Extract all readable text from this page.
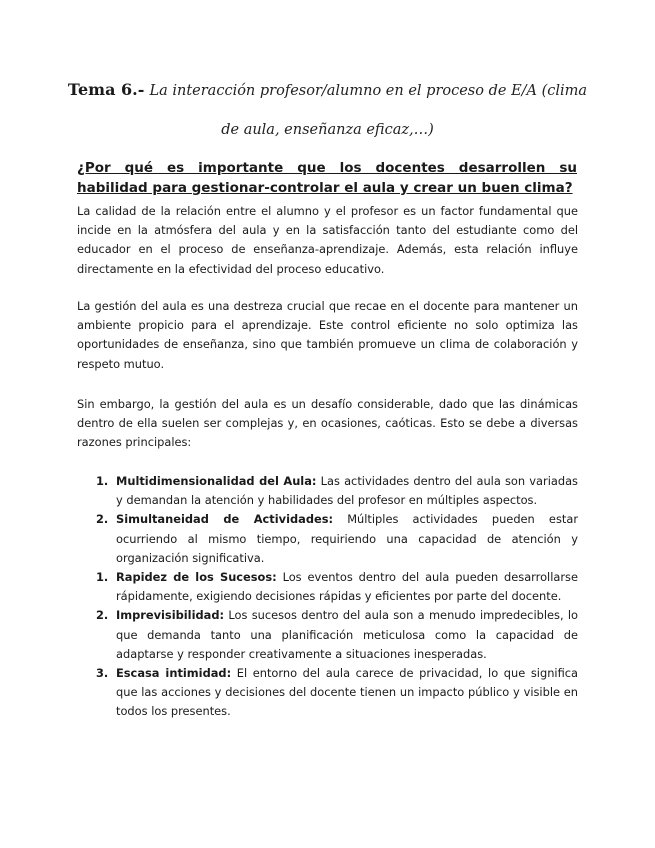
Tema 6.- La interacción profesor/alumno en el proceso de E/A (clima de aula, enseñanza eficaz,…)
¿Por qué es importante que los docentes desarrollen su habilidad para gestionar-controlar el aula y crear un buen clima?
La calidad de la relación entre el alumno y el profesor es un factor fundamental que incide en la atmósfera del aula y en la satisfacción tanto del estudiante como del educador en el proceso de enseñanza-aprendizaje. Además, esta relación influye directamente en la efectividad del proceso educativo.
La gestión del aula es una destreza crucial que recae en el docente para mantener un ambiente propicio para el aprendizaje. Este control eficiente no solo optimiza las oportunidades de enseñanza, sino que también promueve un clima de colaboración y respeto mutuo.
Sin embargo, la gestión del aula es un desafío considerable, dado que las dinámicas dentro de ella suelen ser complejas y, en ocasiones, caóticas. Esto se debe a diversas razones principales:
1. Multidimensionalidad del Aula: Las actividades dentro del aula son variadas y demandan la atención y habilidades del profesor en múltiples aspectos.
2. Simultaneidad de Actividades: Múltiples actividades pueden estar ocurriendo al mismo tiempo, requiriendo una capacidad de atención y organización significativa.
1. Rapidez de los Sucesos: Los eventos dentro del aula pueden desarrollarse rápidamente, exigiendo decisiones rápidas y eficientes por parte del docente.
2. Imprevisibilidad: Los sucesos dentro del aula son a menudo impredecibles, lo que demanda tanto una planificación meticulosa como la capacidad de adaptarse y responder creativamente a situaciones inesperadas.
3. Escasa intimidad: El entorno del aula carece de privacidad, lo que significa que las acciones y decisiones del docente tienen un impacto público y visible en todos los presentes.
